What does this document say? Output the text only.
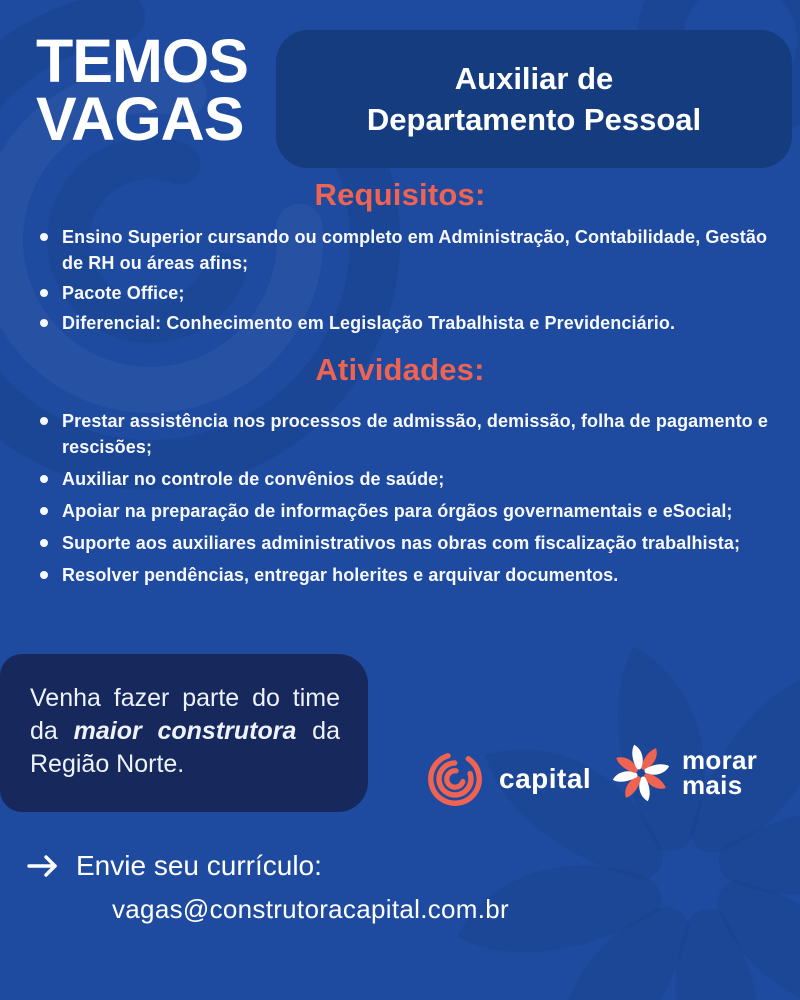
TEMOS
VAGAS
Auxiliar de
Departamento Pessoal
Requisitos:
Ensino Superior cursando ou completo em Administração, Contabilidade, Gestão de RH ou áreas afins;
Pacote Office;
Diferencial: Conhecimento em Legislação Trabalhista e Previdenciário.
Atividades:
Prestar assistência nos processos de admissão, demissão, folha de pagamento e rescisões;
Auxiliar no controle de convênios de saúde;
Apoiar na preparação de informações para órgãos governamentais e eSocial;
Suporte aos auxiliares administrativos nas obras com fiscalização trabalhista;
Resolver pendências, entregar holerites e arquivar documentos.

Venha fazer parte do time da maior construtora da Região Norte.	capital
morar
mais
Envie seu currículo:
vagas@construtoracapital.com.br
